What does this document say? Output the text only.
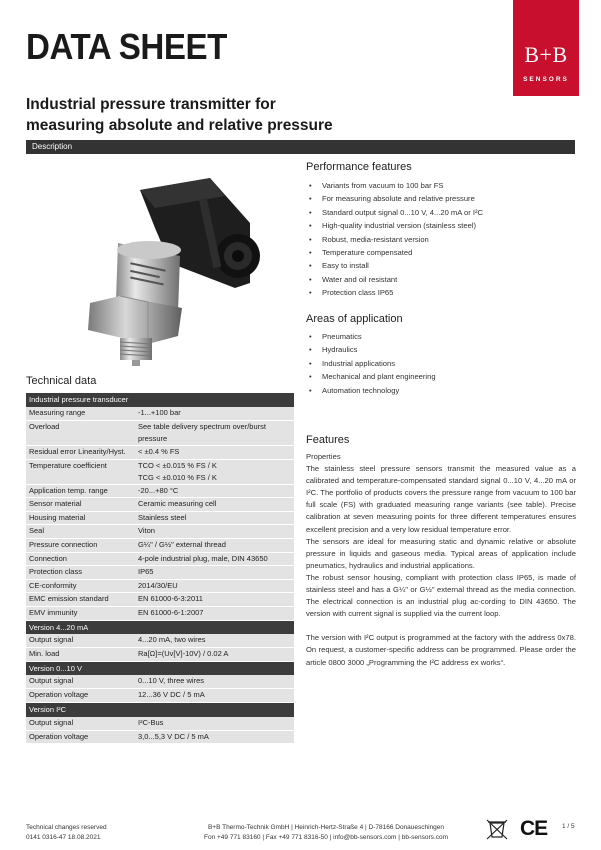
DATA SHEET	B+B
SENSORS
Industrial pressure transmitter for
measuring absolute and relative pressure
Description
Performance features
• Variants from vacuum to 100 bar FS
• For measuring absolute and relative pressure
• Standard output signal 0...10 V, 4...20 mA or I²C
• High-quality industrial version (stainless steel)
• Robust, media-resistant version
• Temperature compensated
• Easy to install
• Water and oil resistant
• Protection class IP65
Areas of application
• Pneumatics
• Hydraulics
• Industrial applications
• Mechanical and plant engineering
• Automation technology
Technical data
Industrial pressure transducer	
Measuring range	-1...+100 bar
Overload	See table delivery spectrum over/burst pressure
Residual error Linearity/Hyst.	< ±0.4 % FS
Temperature coefficient	TCO < ±0.015 % FS / K
TCG < ±0.010 % FS / K

Application temp. range	-20...+80 °C
Sensor material	Ceramic measuring cell
Housing material	Stainless steel
Seal	Viton
Pressure connection	G¼" / G½" external thread
Connection	4-pole industrial plug, male, DIN 43650
Protection class	IP65
CE-conformity	2014/30/EU
EMC emission standard	EN 61000-6-3:2011
EMV immunity	EN 61000-6-1:2007
Version 4...20 mA	
Output signal	4...20 mA, two wires
Min. load	Ra[Ω]=(Uv[V]-10V) / 0.02 A
Version 0...10 V	
Output signal	0...10 V, three wires
Operation voltage	12...36 V DC / 5 mA
Version I²C	
Output signal	I²C-Bus
Operation voltage	3,0...5,3 V DC / 5 mA
Features

Properties

The stainless steel pressure sensors transmit the measured value as a calibrated and temperature-compensated standard signal 0...10 V, 4...20 mA or I²C. The portfolio of products covers the pressure range from vacuum to 100 bar full scale (FS) with graduated measuring range variants (see table). Precise calibration at seven measuring points for three different temperatures ensures excellent precision and a very low residual temperature error.

The sensors are ideal for measuring static and dynamic relative or absolute pressure in liquids and gaseous media. Typical areas of application include pneumatics, hydraulics and industrial applications.

The robust sensor housing, compliant with protection class IP65, is made of stainless steel and has a G¼" or G½" external thread as the media connection. The electrical connection is an industrial plug ac-cording to DIN 43650. The version with current signal is supplied via the current loop.

The version with I²C output is programmed at the factory with the address 0x78. On request, a customer-specific address can be programmed. Please order the article 0800 3000 „Programming the I²C address ex works“.

Technical changes reserved
0141 0316-47 18.08.2021
B+B Thermo-Technik GmbH | Heinrich-Hertz-Straße 4 | D-78166 Donaueschingen
Fon +49 771 83160 | Fax +49 771 8316-50 | info@bb-sensors.com | bb-sensors.com	CE 1 / 5
